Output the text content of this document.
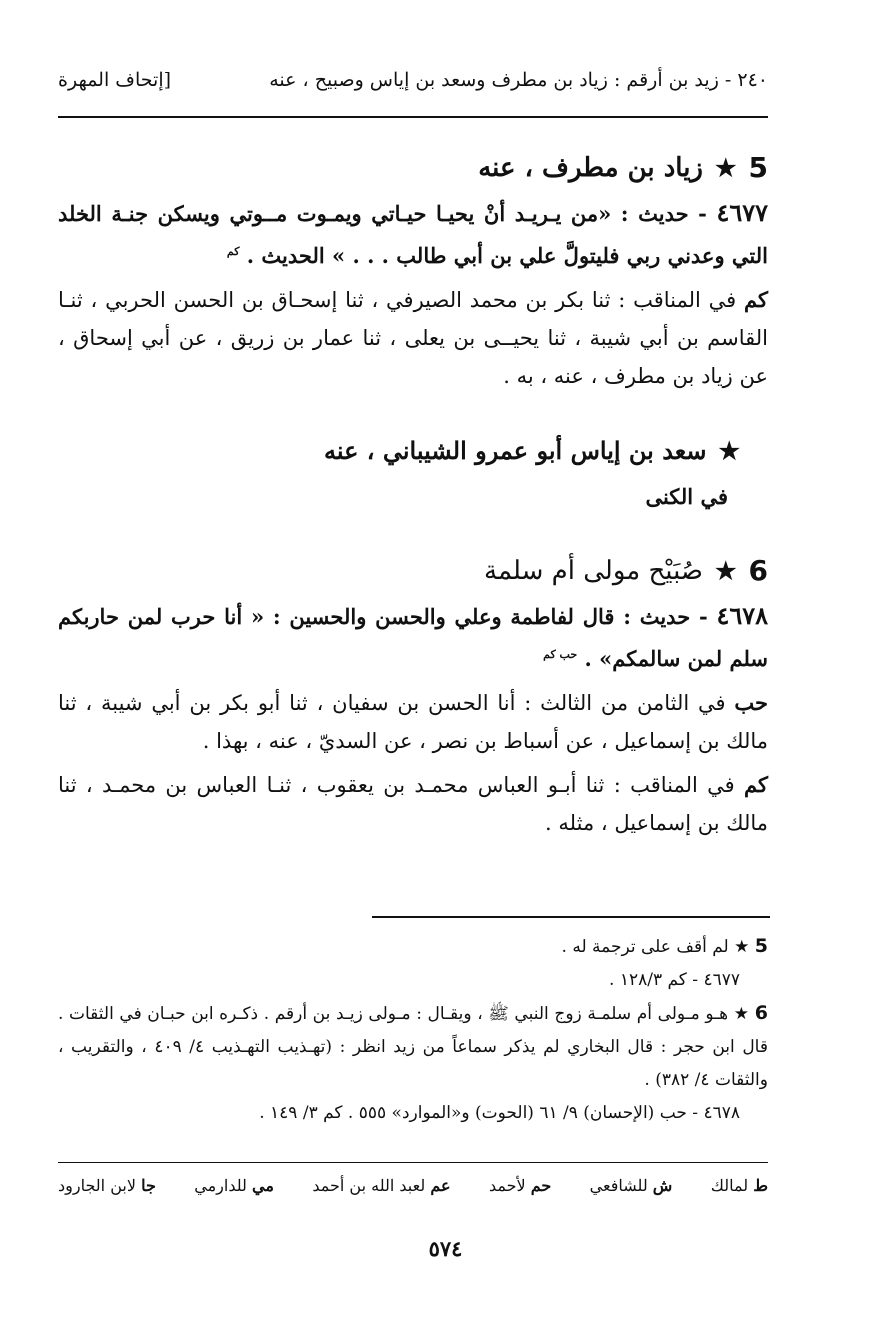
٢٤٠ - زيد بن أرقم : زياد بن مطرف وسعد بن إياس وصبيح ، عنه
[إتحاف المهرة
5
★
زياد بن مطرف ، عنه

٤٦٧٧ - حديث : «من يـريـد أنْ يحيـا حيـاتي ويمـوت مــوتي ويسكن جنـة الخلد التي وعدني ربي فليتولَّ علي بن أبي طالب . . . » الحديث . $^{كم}$

كم في المناقب : ثنا بكر بن محمد الصيرفي ، ثنا إسحـاق بن الحسن الحربي ، ثنـا القاسم بن أبي شيبة ، ثنا يحيــى بن يعلى ، ثنا عمار بن زريق ، عن أبي إسحاق ، عن زياد بن مطرف ، عنه ، به .

★
سعد بن إياس أبو عمرو الشيباني ، عنه
في الكنى
6
★
صُبَيْح مولى أم سلمة

٤٦٧٨ - حديث : قال لفاطمة وعلي والحسن والحسين : « أنا حرب لمن حاربكم سلم لمن سالمكم» . $^{حب كم}$

حب في الثامن من الثالث : أنا الحسن بن سفيان ، ثنا أبو بكر بن أبي شيبة ، ثنا مالك بن إسماعيل ، عن أسباط بن نصر ، عن السديّ ، عنه ، بهذا .

كم في المناقب : ثنا أبـو العباس محمـد بن يعقوب ، ثنـا العباس بن محمـد ، ثنا مالك بن إسماعيل ، مثله .

5 ★ لم أقف على ترجمة له .

٤٦٧٧ - كم ١٢٨/٣ .

6 ★ هـو مـولى أم سلمـة زوج النبي ﷺ ، ويقـال : مـولى زيـد بن أرقم . ذكـره ابن حبـان في الثقات . قال ابن حجر : قال البخاري لم يذكر سماعاً من زيد انظر : (تهـذيب التهـذيب ٤/ ٤٠٩ ، والتقريب ، والثقات ٤/ ٣٨٢) .

٤٦٧٨ - حب (الإحسان) ٩/ ٦١ (الحوت) و«الموارد» ٥٥٥ . كم ٣/ ١٤٩ .

ط لمالك
ش للشافعي
حم لأحمد
عم لعبد الله بن أحمد
مي للدارمي
جا لابن الجارود
٥٧٤
